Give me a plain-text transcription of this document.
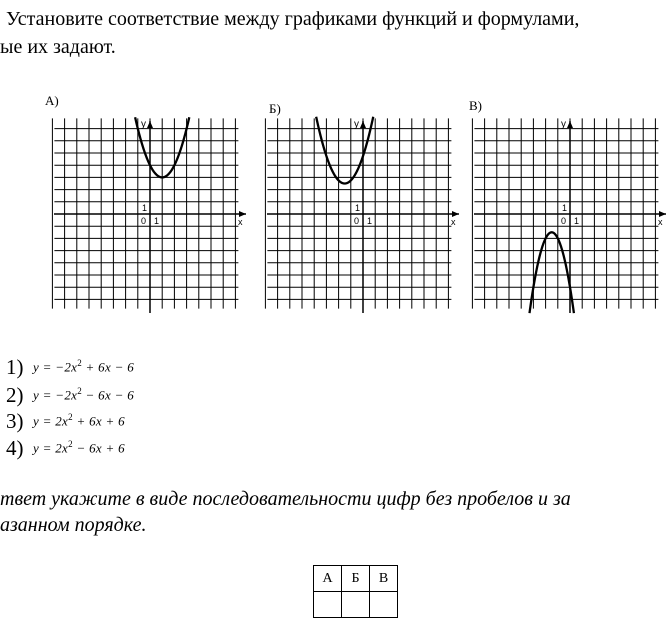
Установите соответствие между графиками функций и формулами,
ые их задают.
А)
Б)	В)
y
x
0 1
1
y
x
0 1
1
y
x
0 1
1
1) $y = -2x^2 + 6x - 6$
2) $y = -2x^2 - 6x - 6$
3) $y = 2x^2 + 6x + 6$
4) $y = 2x^2 - 6x + 6$
твет укажите в виде последовательности цифр без пробелов и за
азанном порядке.
А	Б	В
